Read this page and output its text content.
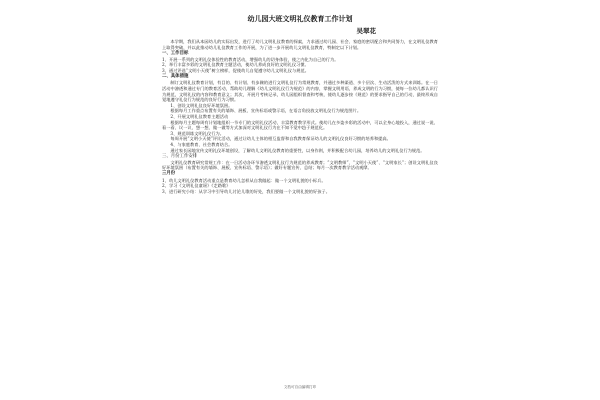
幼儿园大班文明礼仪教育工作计划
吴翠花

本学期，我们从本园幼儿的实际出发，进行了幼儿文明礼仪教育的探索，力求通过幼儿园、社会、家庭的密切配合和共同努力，在文明礼仪教育上取得突破，并以此推动幼儿礼仪教育工作的开展，为了进一步开展幼儿文明礼仪教育，特制定以下计划。

一、工作目标

1、开展一系列的文明礼仪体验性的教育活动，增强幼儿的切身体验，使之内化为自己的行为。

2、举行丰富多彩的文明礼仪教育主题活动，使幼儿养成良好的文明礼仪习惯。

3、通过评选“文明小天使”树立榜样，促使幼儿自觉遵守幼儿文明礼仪与规范。

二、具体措施

制订文明礼仪教育计划，有目的、有计划、有步骤的进行文明礼仪行为常规教育，并通过多种渠道、多个层次、生动活泼的方式来训练。在一日活动中渗透和通过专门的教育活动，帮助幼儿理解《幼儿文明礼仪行为规范》的内容，掌握文明用语，养成文明的行为习惯，使每一位幼儿都认识行为规范，文明礼仪的内容和教育意义；其次，开展月考核记录，幼儿园组织督查和考核，使幼儿逐步按《规范》的要求指导自己的行动，最终形成自觉地遵守礼仪行为规范的良好行为习惯。

1、创设文明礼仪良好环境氛围。

根据每月工作重点布置有关的墙饰、展板、宣传标语或警示语，在语言角投放文明礼仪行为规范图片。

2、开展文明礼仪教育主题活动

根据每月主题每周有计划地组织一节专门的文明礼仪活动，丰富教育教学形式。使幼儿在多姿多彩的活动中，可以全身心地投入，通过说一说、看一看、议一议、想一想、做一做等方式加深对文明礼仪行为在不知不觉中趋于规范化。

3、规范训练文明礼仪行为。

每周开展“文明小天使”评比活动，通过让幼儿主体的相互监督和自我教育保证幼儿的文明礼仪良好习惯的培养和提高。

4、与家庭教育、社会教育结合。

通过家长园地宣传文明礼仪环境创设，了解幼儿文明礼仪教育的重要性，以身作则，并积极配合幼儿园，培养幼儿的文明礼仪行为规范。

三、月份工作安排

文明礼仪教育研究常规工作：在一日活动各环节渗透文明礼仪行为规范的养成教育；“文明教师”、“文明小天使”、“文明家长”；创设文明礼仪良好环境氛围（布置有关的墙饰、展板、宣传标语、警示语）；做好专题宣传、总结；每月一次教育教学活动观摩。

三月份

1、幼儿文明礼仪教育活动重点是教育幼儿怎样从自我做起：做一个文明礼貌的小标兵。

2、学习《文明礼仪童谣》《走路歌》

3、进行研究小结：从学习中引导幼儿讨论儿歌的好处，我们要做一个文明礼貌的好孩子。

文档可自由编辑打印
